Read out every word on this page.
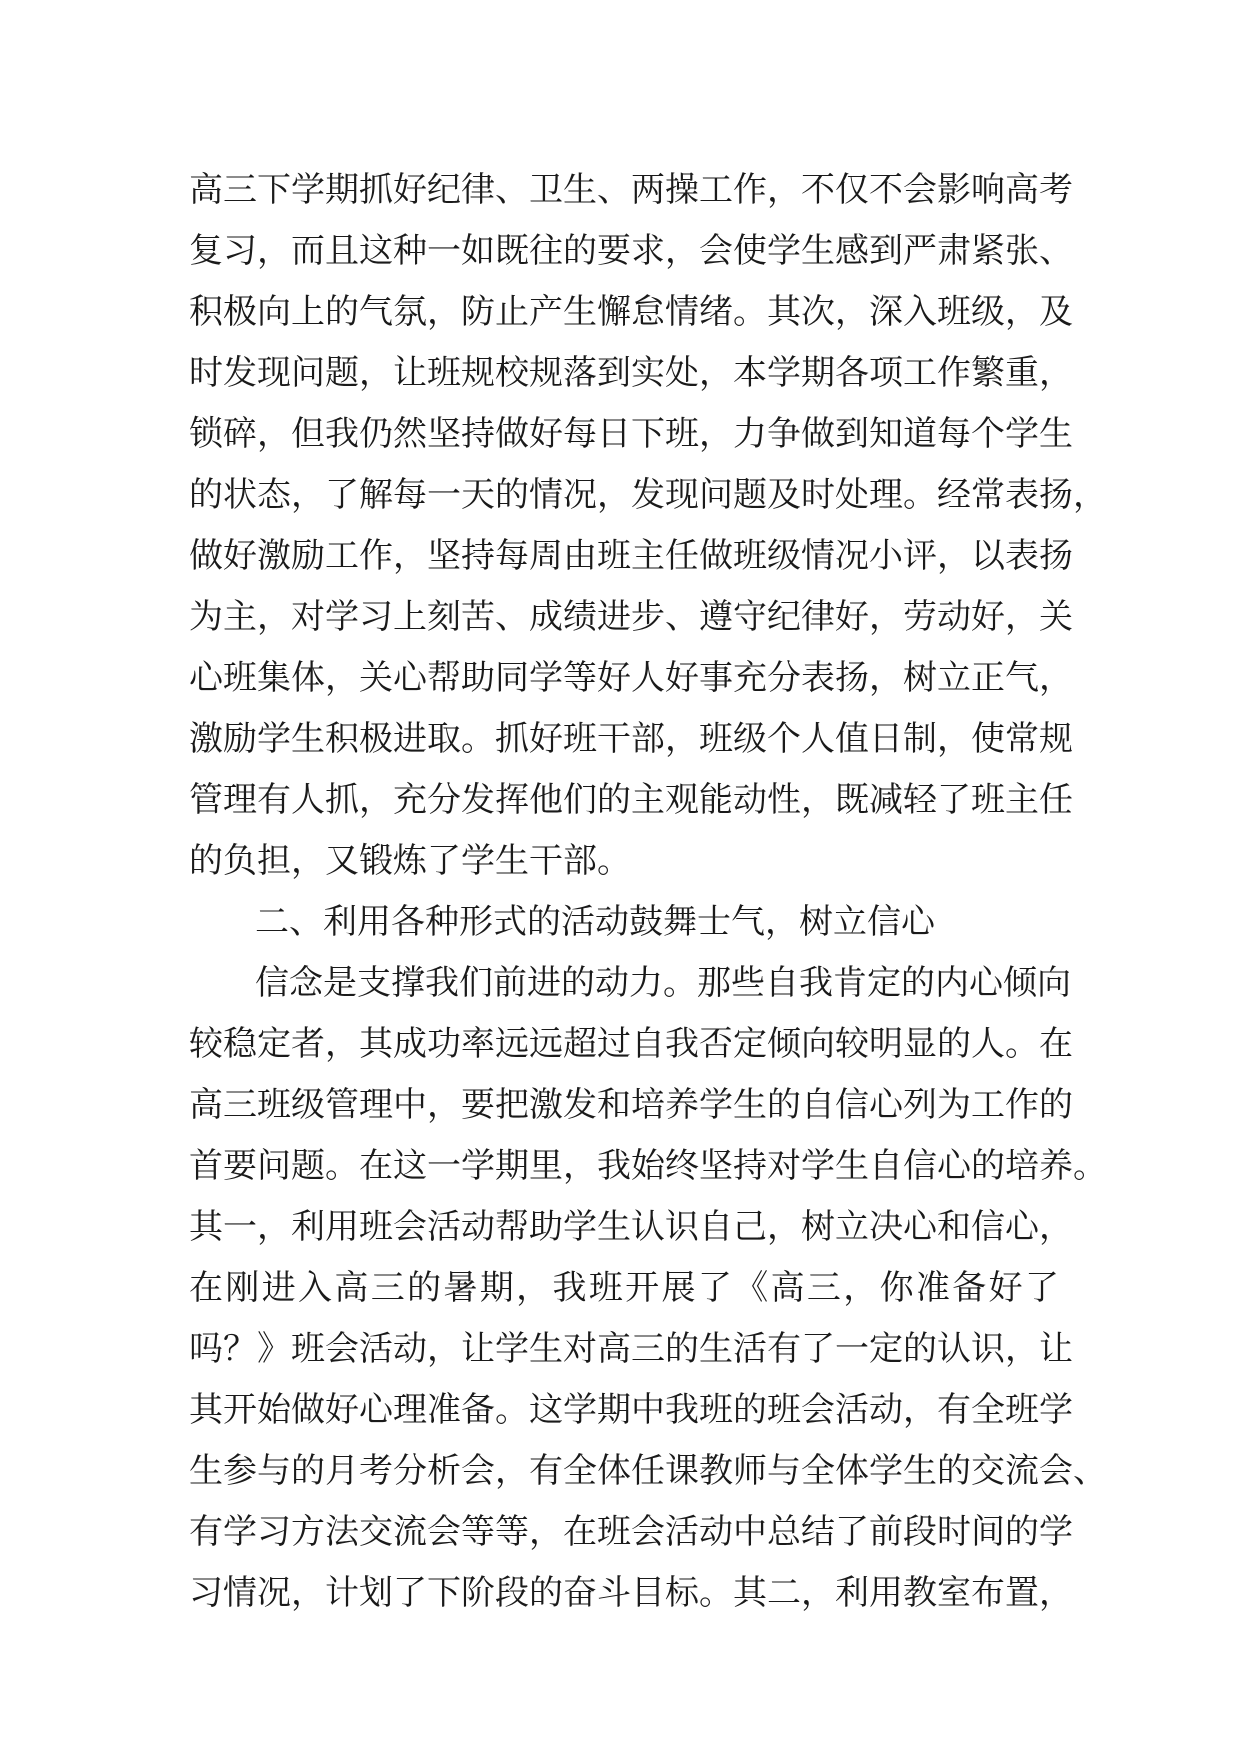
高三下学期抓好纪律、卫生、两操工作，不仅不会影响高考
复习，而且这种一如既往的要求，会使学生感到严肃紧张、
积极向上的气氛，防止产生懈怠情绪。其次，深入班级，及
时发现问题，让班规校规落到实处，本学期各项工作繁重，
锁碎，但我仍然坚持做好每日下班，力争做到知道每个学生
的状态，了解每一天的情况，发现问题及时处理。经常表扬，
做好激励工作，坚持每周由班主任做班级情况小评，以表扬
为主，对学习上刻苦、成绩进步、遵守纪律好，劳动好，关
心班集体，关心帮助同学等好人好事充分表扬，树立正气，
激励学生积极进取。抓好班干部，班级个人值日制，使常规
管理有人抓，充分发挥他们的主观能动性，既减轻了班主任
的负担，又锻炼了学生干部。
二、利用各种形式的活动鼓舞士气，树立信心
信念是支撑我们前进的动力。那些自我肯定的内心倾向
较稳定者，其成功率远远超过自我否定倾向较明显的人。在
高三班级管理中，要把激发和培养学生的自信心列为工作的
首要问题。在这一学期里，我始终坚持对学生自信心的培养。
其一，利用班会活动帮助学生认识自己，树立决心和信心，
在刚进入高三的暑期，我班开展了《高三，你准备好了
吗？》班会活动，让学生对高三的生活有了一定的认识，让
其开始做好心理准备。这学期中我班的班会活动，有全班学
生参与的月考分析会，有全体任课教师与全体学生的交流会、
有学习方法交流会等等，在班会活动中总结了前段时间的学
习情况，计划了下阶段的奋斗目标。其二，利用教室布置，
